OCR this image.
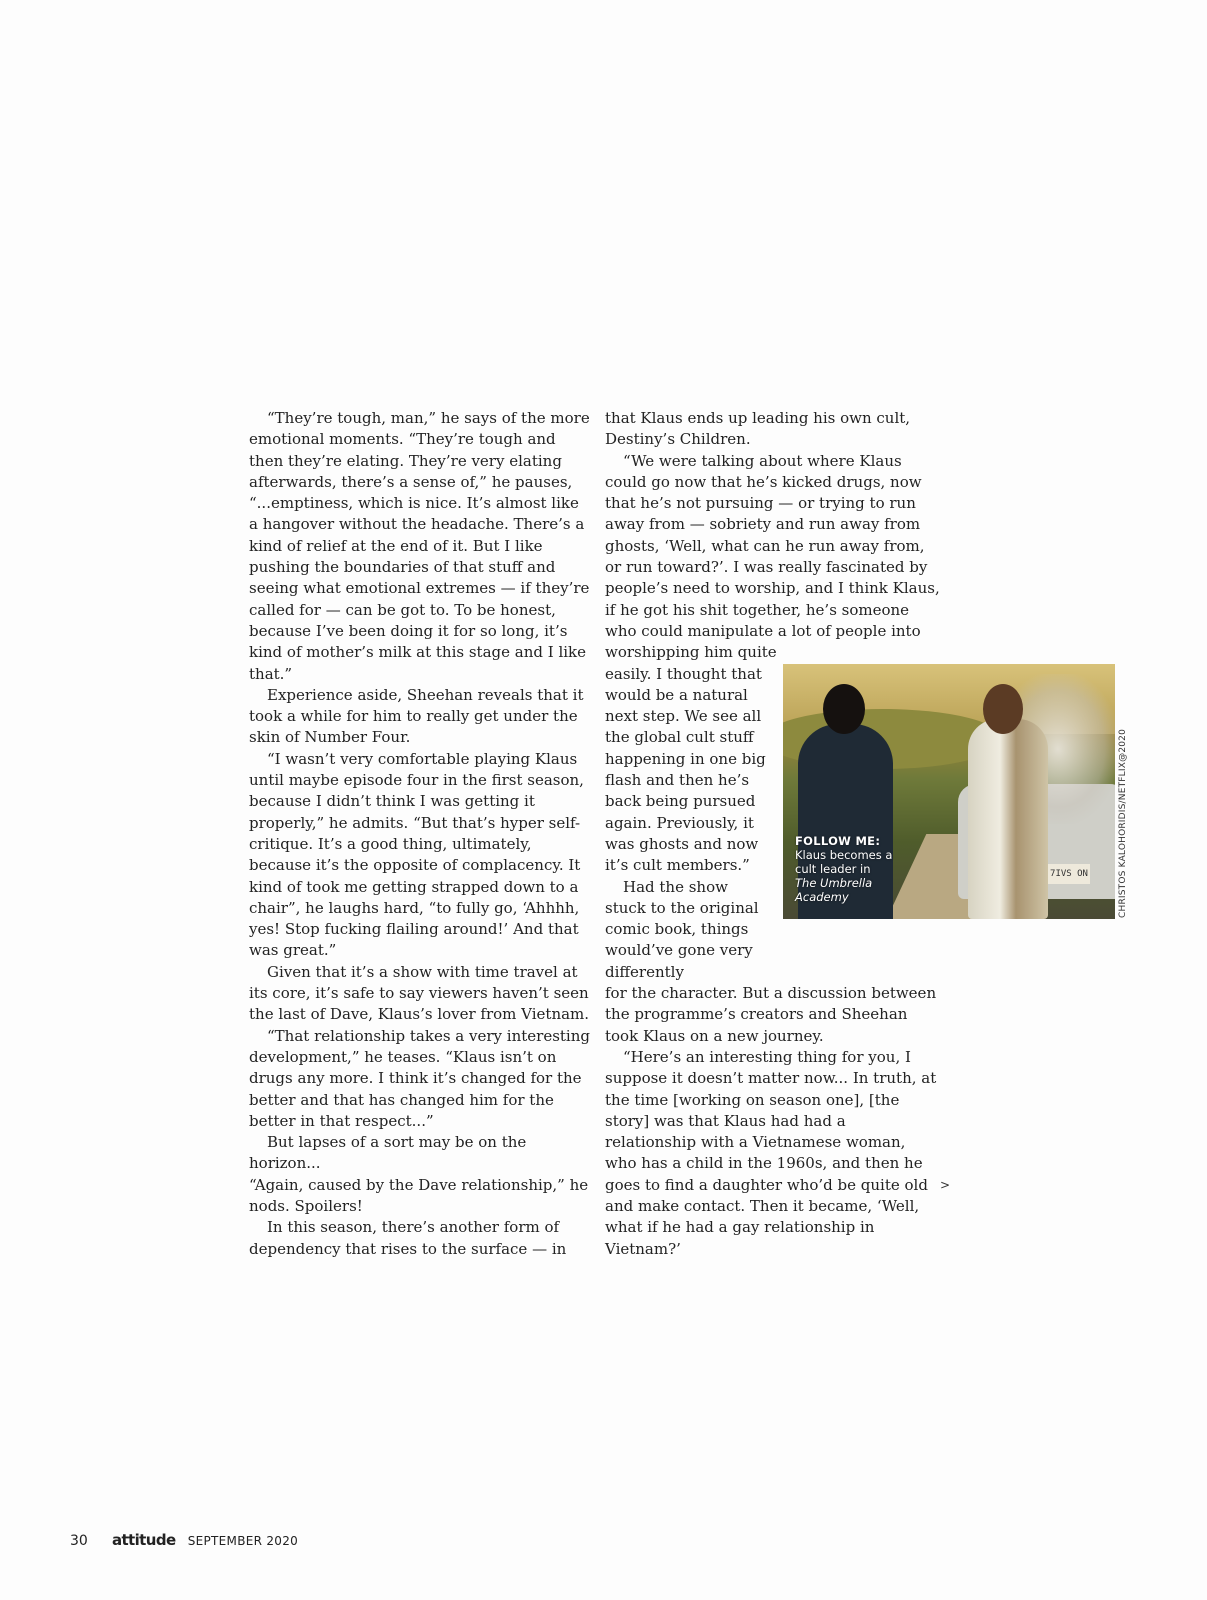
“They’re tough, man,” he says of the more emotional moments. “They’re tough and then they’re elating. They’re very elating afterwards, there’s a sense of,” he pauses, “...emptiness, which is nice. It’s almost like a hangover without the headache. There’s a kind of relief at the end of it. But I like pushing the boundaries of that stuff and seeing what emotional extremes — if they’re called for — can be got to. To be honest, because I’ve been doing it for so long, it’s kind of mother’s milk at this stage and I like that.”

Experience aside, Sheehan reveals that it took a while for him to really get under the skin of Number Four.

“I wasn’t very comfortable playing Klaus until maybe episode four in the first season, because I didn’t think I was getting it properly,” he admits. “But that’s hyper self-critique. It’s a good thing, ultimately, because it’s the opposite of complacency. It kind of took me getting strapped down to a chair”, he laughs hard, “to fully go, ‘Ahhhh, yes! Stop fucking flailing around!’ And that was great.”

Given that it’s a show with time travel at its core, it’s safe to say viewers haven’t seen the last of Dave, Klaus’s lover from Vietnam.

“That relationship takes a very interesting development,” he teases. “Klaus isn’t on drugs any more. I think it’s changed for the better and that has changed him for the better in that respect...”

But lapses of a sort may be on the horizon...

“Again, caused by the Dave relationship,” he nods. Spoilers!

In this season, there’s another form of dependency that rises to the surface — in

that Klaus ends up leading his own cult, Destiny’s Children.

“We were talking about where Klaus could go now that he’s kicked drugs, now that he’s not pursuing — or trying to run away from — sobriety and run away from ghosts, ‘Well, what can he run away from, or run toward?’. I was really fascinated by people’s need to worship, and I think Klaus, if he got his shit together, he’s someone who could manipulate a lot of people into worshipping him quite

easily. I thought that would be a natural next step. We see all the global cult stuff happening in one big flash and then he’s back being pursued again. Previously, it was ghosts and now it’s cult members.”

Had the show stuck to the original comic book, things would’ve gone very differently

for the character. But a discussion between the programme’s creators and Sheehan took Klaus on a new journey.

“Here’s an interesting thing for you, I suppose it doesn’t matter now... In truth, at the time [working on season one], [the story] was that Klaus had had a relationship with a Vietnamese woman, who has a child in the 1960s, and then he goes to find a daughter who’d be quite old and make contact. Then it became, ‘Well, what if he had a gay relationship in Vietnam?’

>
7IVS ON
FOLLOW ME:
Klaus becomes a cult leader in
The Umbrella Academy	CHRISTOS KALOHORIDIS/NETFLIX@2020
30 attitude SEPTEMBER 2020
